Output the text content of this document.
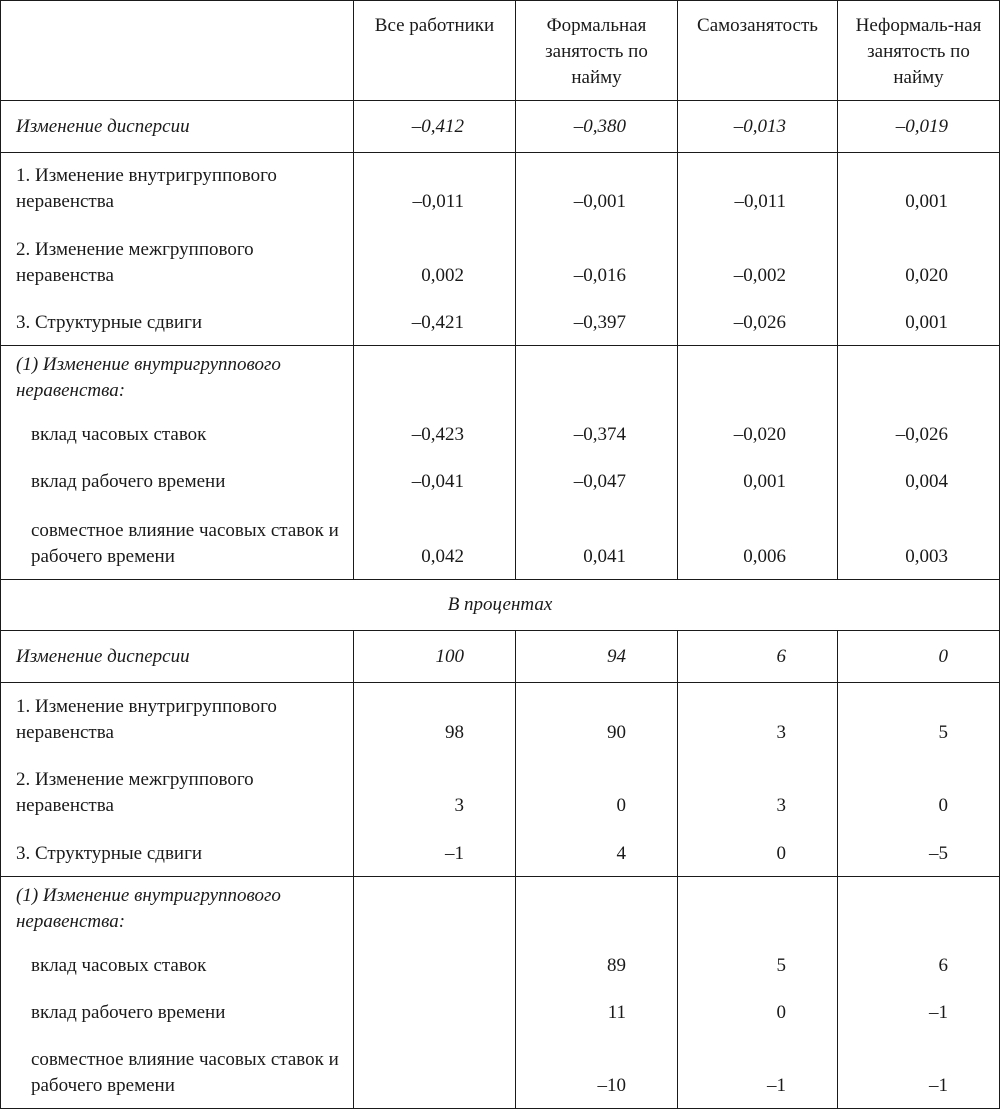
	Все работники	Формальная занятость по найму	Самозанятость	Неформаль-ная занятость по найму
Изменение дисперсии	–0,412	–0,380	–0,013	–0,019
1. Изменение внутригруппового неравенства	–0,011	–0,001	–0,011	0,001
2. Изменение межгруппового неравенства	0,002	–0,016	–0,002	0,020
3. Структурные сдвиги	–0,421	–0,397	–0,026	0,001
(1) Изменение внутригруппового неравенства:				
вклад часовых ставок	–0,423	–0,374	–0,020	–0,026
вклад рабочего времени	–0,041	–0,047	0,001	0,004
совместное влияние часовых ставок и рабочего времени	0,042	0,041	0,006	0,003
В процентах				
Изменение дисперсии	100	94	6	0
1. Изменение внутригруппового неравенства	98	90	3	5
2. Изменение межгруппового неравенства	3	0	3	0
3. Структурные сдвиги	–1	4	0	–5
(1) Изменение внутригруппового неравенства:				
вклад часовых ставок		89	5	6
вклад рабочего времени		11	0	–1
совместное влияние часовых ставок и рабочего времени		–10	–1	–1
